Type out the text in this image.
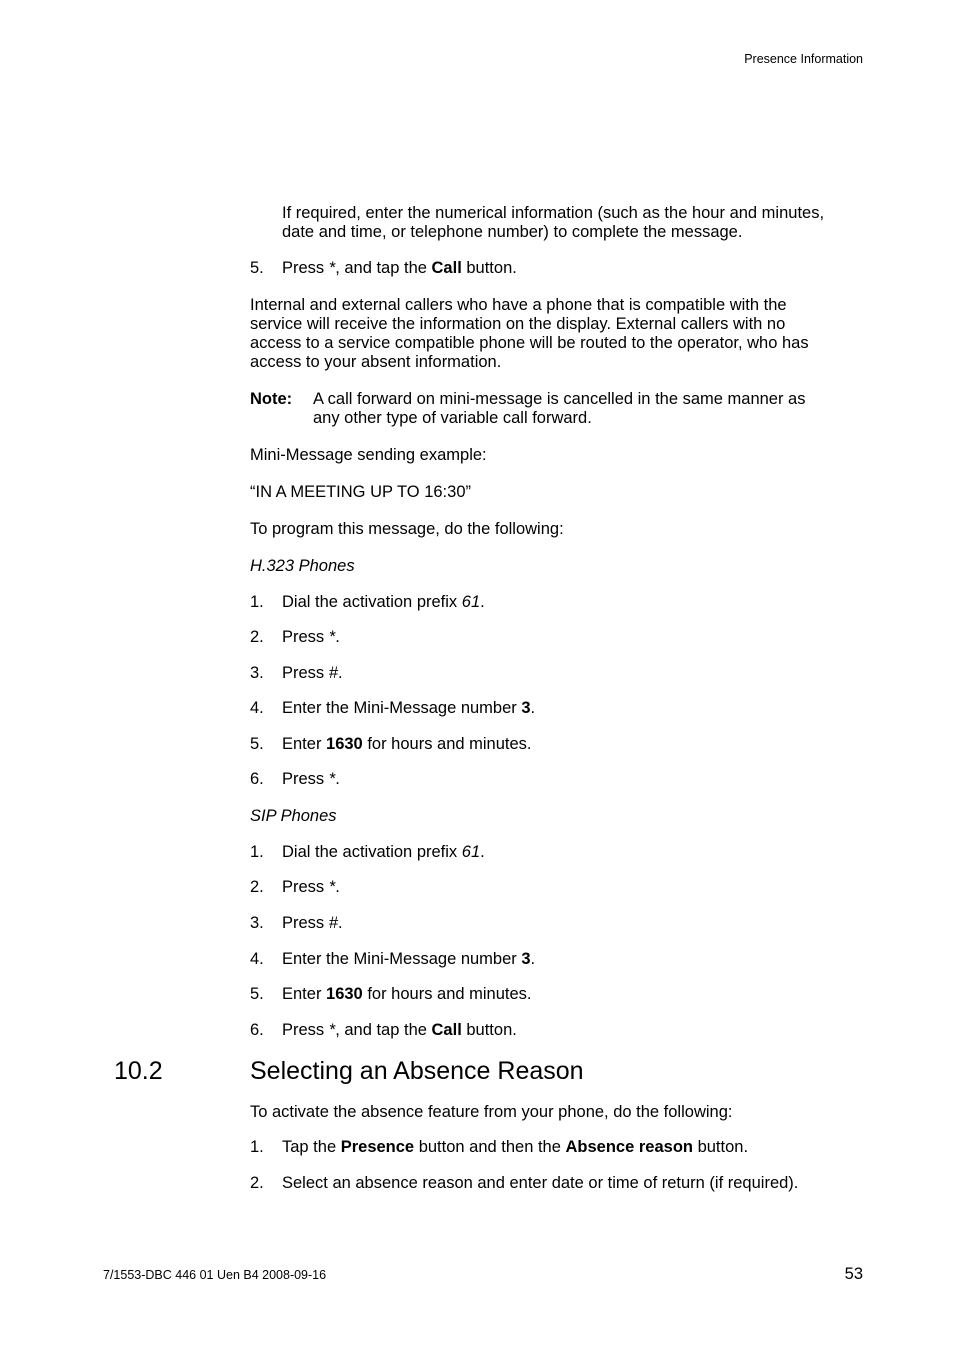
Presence Information
If required, enter the numerical information (such as the hour and minutes,
date and time, or telephone number) to complete the message.
5. Press *, and tap the Call button.
Internal and external callers who have a phone that is compatible with the
service will receive the information on the display. External callers with no
access to a service compatible phone will be routed to the operator, who has
access to your absent information.
Note: A call forward on mini-message is cancelled in the same manner as
any other type of variable call forward.
Mini-Message sending example:
“IN A MEETING UP TO 16:30”
To program this message, do the following:
H.323 Phones
1. Dial the activation prefix 61.
2. Press *.
3. Press #.
4. Enter the Mini-Message number 3.
5. Enter 1630 for hours and minutes.
6. Press *.
SIP Phones
1. Dial the activation prefix 61.
2. Press *.
3. Press #.
4. Enter the Mini-Message number 3.
5. Enter 1630 for hours and minutes.
6. Press *, and tap the Call button.
10.2	Selecting an Absence Reason
To activate the absence feature from your phone, do the following:
1. Tap the Presence button and then the Absence reason button.
2. Select an absence reason and enter date or time of return (if required).
7/1553-DBC 446 01 Uen B4 2008-09-16	53
